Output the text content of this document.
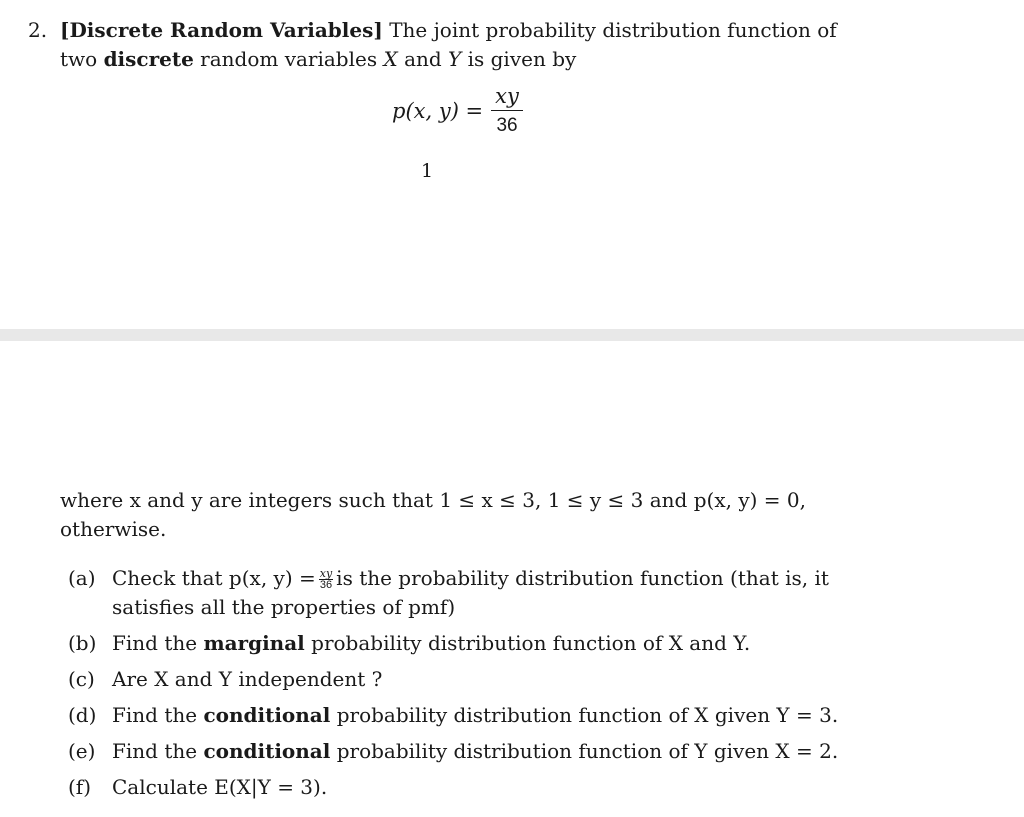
2. [Discrete Random Variables] The joint probability distribution function of
two discrete random variables X and Y is given by
p(x, $y) = \frac{xy}{36}$
1
where x and y are integers such that 1 ≤ x ≤ 3, 1 ≤ y ≤ 3 and p(x, y) = 0, otherwise.
(a) Check that p(x, $y) = \frac{xy}{36}$ is the probability distribution function (that is, it satisfies all the properties of pmf)
(b) Find the marginal probability distribution function of X and Y.
(c) Are X and Y independent ?
(d) Find the conditional probability distribution function of X given Y = 3.
(e) Find the conditional probability distribution function of Y given X = 2.
(f)	Calculate E(X|Y = 3).
